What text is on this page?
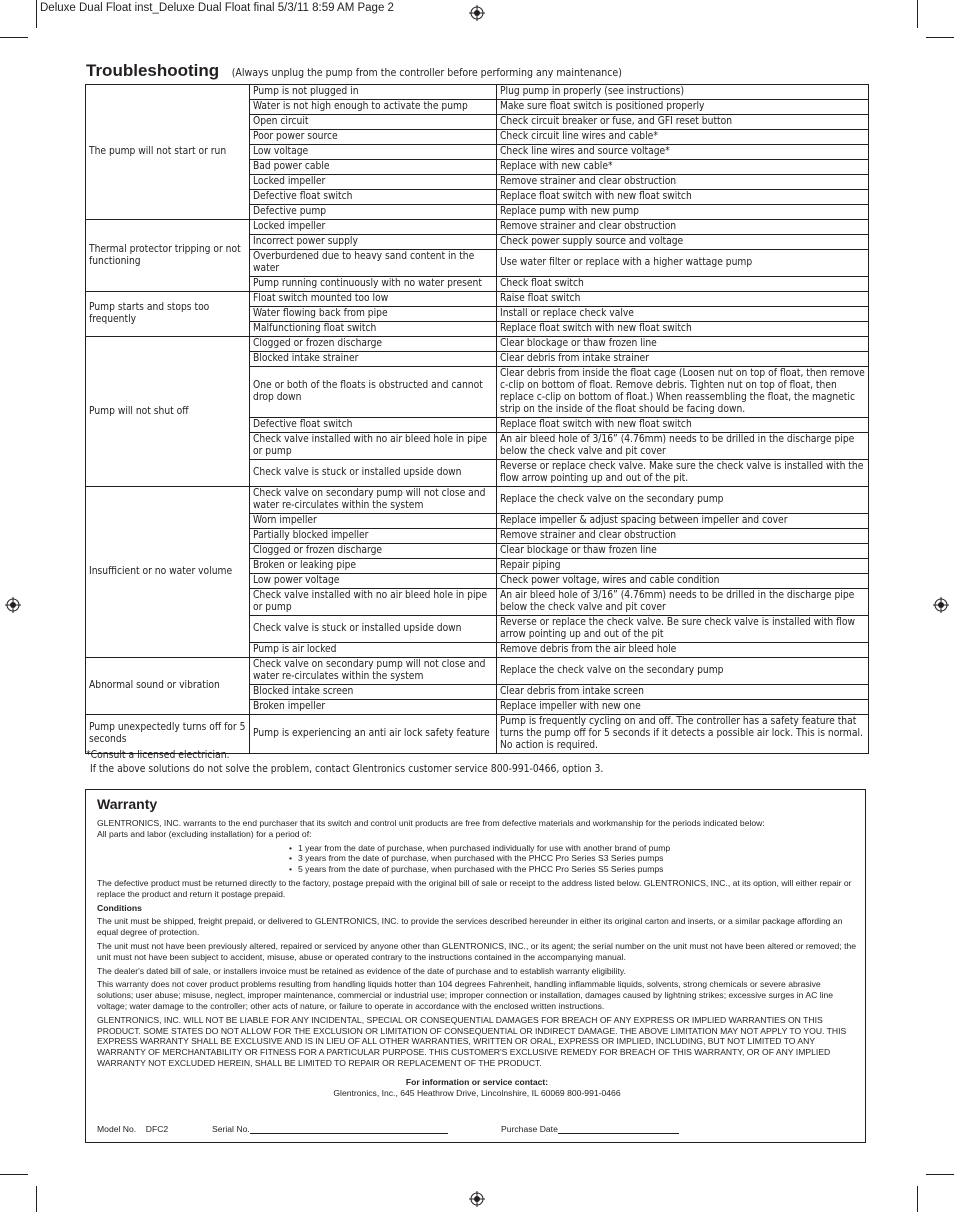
Deluxe Dual Float inst_Deluxe Dual Float final 5/3/11 8:59 AM Page 2
Troubleshooting (Always unplug the pump from the controller before performing any maintenance)
The pump will not start or run	Pump is not plugged in	Plug pump in properly (see instructions)
	Water is not high enough to activate the pump	Make sure float switch is positioned properly
	Open circuit	Check circuit breaker or fuse, and GFI reset button
	Poor power source	Check circuit line wires and cable*
	Low voltage	Check line wires and source voltage*
	Bad power cable	Replace with new cable*
	Locked impeller	Remove strainer and clear obstruction
	Defective float switch	Replace float switch with new float switch
	Defective pump	Replace pump with new pump
Thermal protector tripping or not functioning	Locked impeller	Remove strainer and clear obstruction
	Incorrect power supply	Check power supply source and voltage
	Overburdened due to heavy sand content in the water	Use water filter or replace with a higher wattage pump
	Pump running continuously with no water present	Check float switch
Pump starts and stops too frequently	Float switch mounted too low	Raise float switch
	Water flowing back from pipe	Install or replace check valve
	Malfunctioning float switch	Replace float switch with new float switch
Pump will not shut off	Clogged or frozen discharge	Clear blockage or thaw frozen line
	Blocked intake strainer	Clear debris from intake strainer
	One or both of the floats is obstructed and cannot drop down	Clear debris from inside the float cage (Loosen nut on top of float, then remove c-clip on bottom of float. Remove debris. Tighten nut on top of float, then replace c-clip on bottom of float.) When reassembling the float, the magnetic strip on the inside of the float should be facing down.
	Defective float switch	Replace float switch with new float switch
	Check valve installed with no air bleed hole in pipe or pump	An air bleed hole of 3/16” (4.76mm) needs to be drilled in the discharge pipe below the check valve and pit cover
	Check valve is stuck or installed upside down	Reverse or replace check valve. Make sure the check valve is installed with the flow arrow pointing up and out of the pit.
Insufficient or no water volume	Check valve on secondary pump will not close and water re-circulates within the system	Replace the check valve on the secondary pump
	Worn impeller	Replace impeller & adjust spacing between impeller and cover
	Partially blocked impeller	Remove strainer and clear obstruction
	Clogged or frozen discharge	Clear blockage or thaw frozen line
	Broken or leaking pipe	Repair piping
	Low power voltage	Check power voltage, wires and cable condition
	Check valve installed with no air bleed hole in pipe or pump	An air bleed hole of 3/16” (4.76mm) needs to be drilled in the discharge pipe below the check valve and pit cover
	Check valve is stuck or installed upside down	Reverse or replace the check valve. Be sure check valve is installed with flow arrow pointing up and out of the pit
	Pump is air locked	Remove debris from the air bleed hole
Abnormal sound or vibration	Check valve on secondary pump will not close and water re-circulates within the system	Replace the check valve on the secondary pump
	Blocked intake screen	Clear debris from intake screen
	Broken impeller	Replace impeller with new one
Pump unexpectedly turns off for 5 seconds	Pump is experiencing an anti air lock safety feature	Pump is frequently cycling on and off. The controller has a safety feature that turns the pump off for 5 seconds if it detects a possible air lock. This is normal. No action is required.
*Consult a licensed electrician.
If the above solutions do not solve the problem, contact Glentronics customer service 800-991-0466, option 3.
Warranty

GLENTRONICS, INC. warrants to the end purchaser that its switch and control unit products are free from defective materials and workmanship for the periods indicated below:

All parts and labor (excluding installation) for a period of:

• 1 year from the date of purchase, when purchased individually for use with another brand of pump
• 3 years from the date of purchase, when purchased with the PHCC Pro Series S3 Series pumps
• 5 years from the date of purchase, when purchased with the PHCC Pro Series S5 Series pumps

The defective product must be returned directly to the factory, postage prepaid with the original bill of sale or receipt to the address listed below. GLENTRONICS, INC., at its option, will either repair or replace the product and return it postage prepaid.

Conditions

The unit must be shipped, freight prepaid, or delivered to GLENTRONICS, INC. to provide the services described hereunder in either its original carton and inserts, or a similar package affording an equal degree of protection.

The unit must not have been previously altered, repaired or serviced by anyone other than GLENTRONICS, INC., or its agent; the serial number on the unit must not have been altered or removed; the unit must not have been subject to accident, misuse, abuse or operated contrary to the instructions contained in the accompanying manual.

The dealer's dated bill of sale, or installers invoice must be retained as evidence of the date of purchase and to establish warranty eligibility.

This warranty does not cover product problems resulting from handling liquids hotter than 104 degrees Fahrenheit, handling inflammable liquids, solvents, strong chemicals or severe abrasive solutions; user abuse; misuse, neglect, improper maintenance, commercial or industrial use; improper connection or installation, damages caused by lightning strikes; excessive surges in AC line voltage; water damage to the controller; other acts of nature, or failure to operate in accordance with the enclosed written instructions.

GLENTRONICS, INC. WILL NOT BE LIABLE FOR ANY INCIDENTAL, SPECIAL OR CONSEQUENTIAL DAMAGES FOR BREACH OF ANY EXPRESS OR IMPLIED WARRANTIES ON THIS PRODUCT. SOME STATES DO NOT ALLOW FOR THE EXCLUSION OR LIMITATION OF CONSEQUENTIAL OR INDIRECT DAMAGE. THE ABOVE LIMITATION MAY NOT APPLY TO YOU. THIS EXPRESS WARRANTY SHALL BE EXCLUSIVE AND IS IN LIEU OF ALL OTHER WARRANTIES, WRITTEN OR ORAL, EXPRESS OR IMPLIED, INCLUDING, BUT NOT LIMITED TO ANY WARRANTY OF MERCHANTABILITY OR FITNESS FOR A PARTICULAR PURPOSE. THIS CUSTOMER'S EXCLUSIVE REMEDY FOR BREACH OF THIS WARRANTY, OR OF ANY IMPLIED WARRANTY NOT EXCLUDED HEREIN, SHALL BE LIMITED TO REPAIR OR REPLACEMENT OF THE PRODUCT.

For information or service contact:
Glentronics, Inc., 645 Heathrow Drive, Lincolnshire, IL 60069 800-991-0466
Model No. DFC2	Serial No.	Purchase Date
